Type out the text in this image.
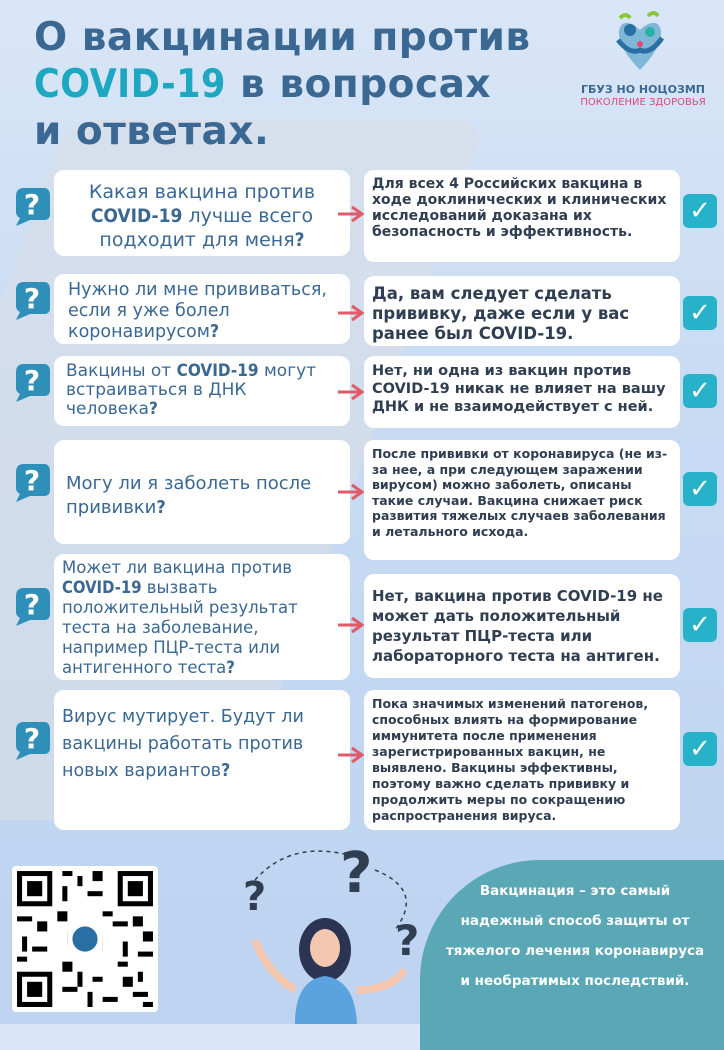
О вакцинации против
COVID-19 в вопросах
и ответах.
ГБУЗ НО НОЦОЗМП
ПОКОЛЕНИЕ ЗДОРОВЬЯ
?	Какая вакцина против COVID-19 лучше всего подходит для меня?
Для всех 4 Российских вакцина в ходе доклинических и клинических исследований доказана их безопасность и эффективность.
✓
?	Нужно ли мне прививаться, если я уже болел коронавирусом?
Да, вам следует сделать прививку, даже если у вас ранее был COVID-19.
✓
?	Вакцины от COVID-19 могут встраиваться в ДНК человека?
Нет, ни одна из вакцин против COVID-19 никак не влияет на вашу ДНК и не взаимодействует с ней.
✓
?	Могу ли я заболеть после прививки?
После прививки от коронавируса (не из-за нее, а при следующем заражении вирусом) можно заболеть, описаны такие случаи. Вакцина снижает риск развития тяжелых случаев заболевания и летального исхода.
✓
?
Может ли вакцина против COVID-19 вызвать положительный результат теста на заболевание, например ПЦР-теста или антигенного теста?
Нет, вакцина против COVID-19 не может дать положительный результат ПЦР-теста или лабораторного теста на антиген.
✓
?
Вирус мутирует. Будут ли вакцины работать против новых вариантов?
Пока значимых изменений патогенов, способных влиять на формирование иммунитета после применения зарегистрированных вакцин, не выявлено. Вакцины эффективны, поэтому важно сделать прививку и продолжить меры по сокращению распространения вируса.
✓
? ?
?
Вакцинация – это самый надежный способ защиты от тяжелого лечения коронавируса и необратимых последствий.
